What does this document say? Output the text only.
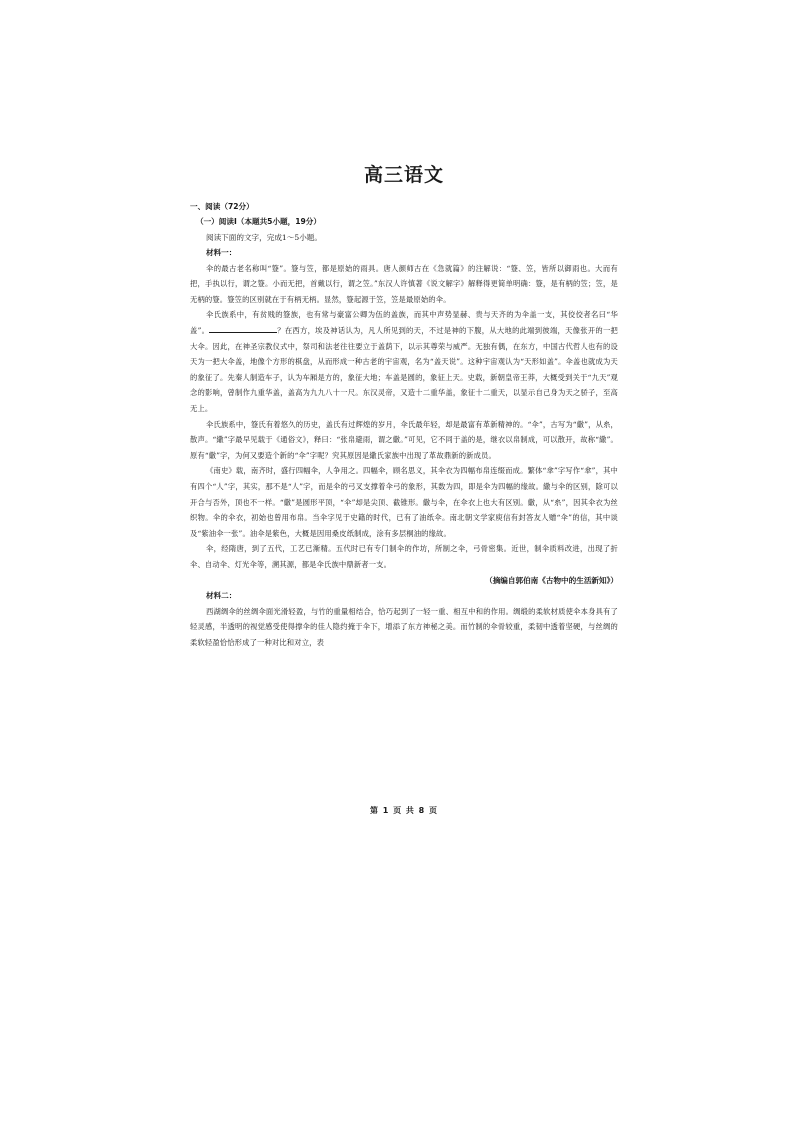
高三语文
一、阅读（72分）
（一）阅读I（本题共5小题，19分）
阅读下面的文字，完成1～5小题。
材料一：

伞的最古老名称叫“簦”。簦与笠，都是原始的雨具。唐人颜师古在《急就篇》的注解说：“簦、笠，皆所以御雨也。大而有把，手执以行，谓之簦。小而无把，首戴以行，谓之笠。”东汉人许慎著《说文解字》解释得更简单明确：簦，是有柄的笠；笠，是无柄的簦。簦笠的区别就在于有柄无柄。显然，簦起源于笠，笠是最原始的伞。

伞氏族系中，有贫贱的簦族，也有常与豪富公卿为伍的盖族，而其中声势显赫、贵与天齐的为伞盖一支，其佼佼者名曰“华盖”。	？在西方，埃及神话认为，凡人所见到的天，不过是神的下腹，从大地的此端到彼端，天像张开的一把大伞。因此，在神圣宗教仪式中，祭司和法老往往要立于盖荫下，以示其尊荣与威严。无独有偶，在东方，中国古代哲人也有的设天为一把大伞盖，地像个方形的棋盘，从而形成一种古老的宇宙观，名为“盖天说”。这种宇宙观认为“天形如盖”。伞盖也就成为天的象征了。先秦人制造车子，认为车厢是方的，象征大地；车盖是圆的，象征上天。史载，新朝皇帝王莽，大概受到关于“九天”观念的影响，曾制作九重华盖，盖高为九九八十一尺。东汉灵帝，又造十二重华盖，象征十二重天，以显示自己身为天之骄子，至高无上。

伞氏族系中，簦氏有着悠久的历史，盖氏有过辉煌的岁月，伞氏最年轻，却是最富有革新精神的。“伞”，古写为“繖”，从糸，散声。“繖”字最早见载于《通俗文》，释曰：“张帛避雨，谓之繖。”可见，它不同于盖的是，继衣以帛制成，可以散开，故称“繖”。原有“繖”字，为何又要造个新的“伞”字呢？究其原因是繖氏家族中出现了革故鼎新的新成员。

《南史》载，南齐时，盛行四幅伞，人争用之。四幅伞，顾名思义，其伞衣为四幅布帛连缀而成。繁体“傘”字写作“傘”，其中有四个“人”字，其实，那不是“人”字，而是伞的弓叉支撑着伞弓的象形，其数为四，即是伞为四幅的缘故。繖与伞的区别，除可以开合与否外，顶也不一样。“繖”是圆形平顶，“伞”却是尖顶、截锥形。繖与伞，在伞衣上也大有区别。繖，从“糸”，因其伞衣为丝织物。伞的伞衣，初始也曾用布帛。当伞字见于史籍的时代，已有了油纸伞。南北朝文学家庾信有封答友人赠“伞”的信，其中谈及“紫油伞一张”。油伞是紫色，大概是因用桑皮纸制成，涂有多层桐油的缘故。

伞，经隋唐，到了五代，工艺已渐精。五代时已有专门制伞的作坊，所制之伞，弓骨密集。近世，制伞质料改进，出现了折伞、自动伞、灯光伞等，溯其源，都是伞氏族中鼎新者一支。

（摘编自郭伯南《古物中的生活新知》）
材料二：

西湖绸伞的丝绸伞面光滑轻盈，与竹的重量相结合，恰巧起到了一轻一重、相互中和的作用。绸缎的柔软材质使伞本身具有了轻灵感，半透明的视觉感受使得撑伞的佳人隐约掩于伞下，增添了东方神秘之美。而竹制的伞骨较重，柔韧中透着坚硬，与丝绸的柔软轻盈恰恰形成了一种对比和对立，表

第 1 页 共 8 页
